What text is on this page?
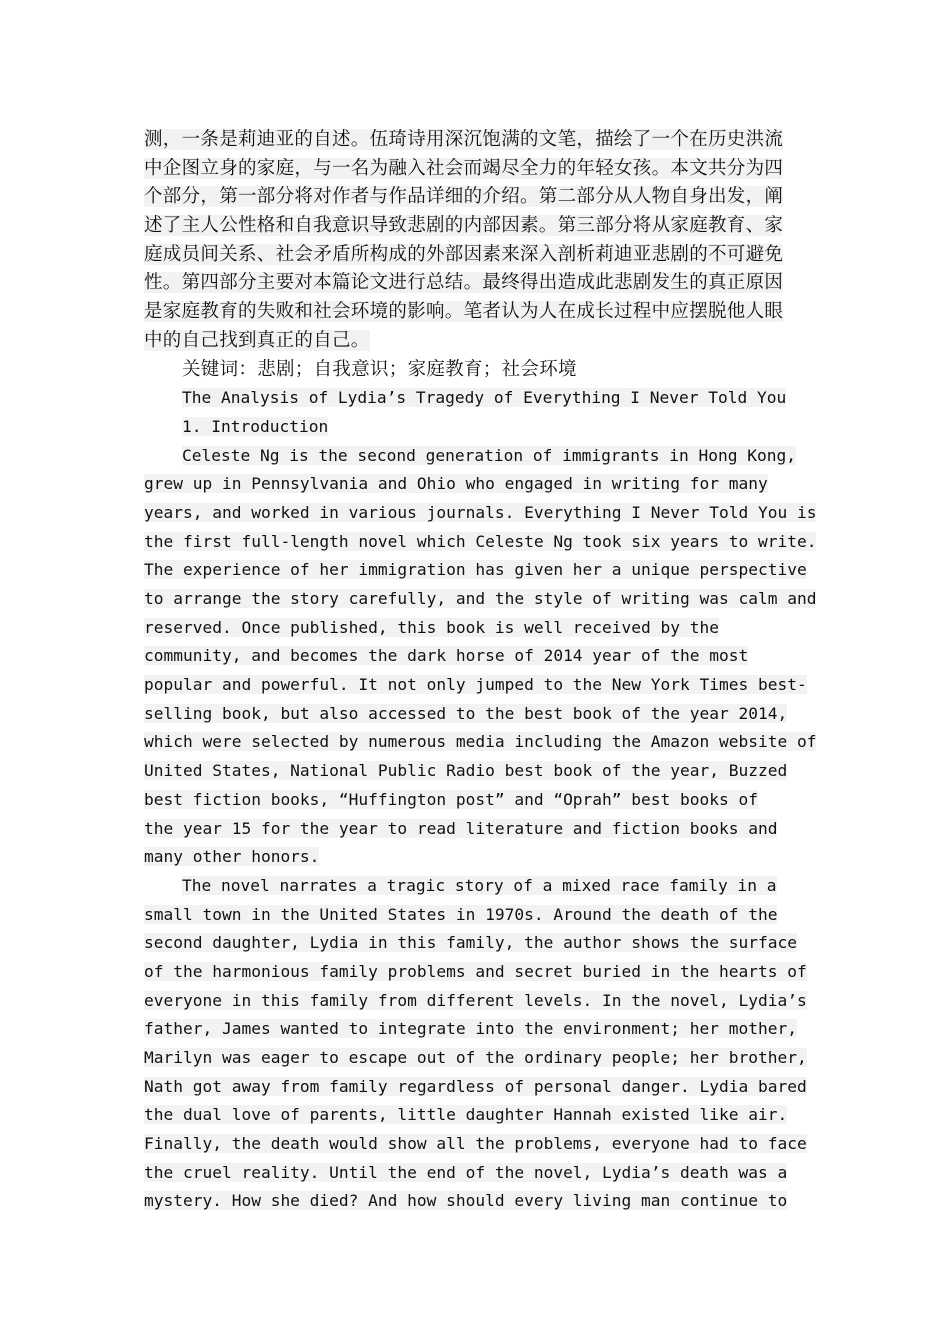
测，一条是莉迪亚的自述。伍琦诗用深沉饱满的文笔，描绘了一个在历史洪流
中企图立身的家庭，与一名为融入社会而竭尽全力的年轻女孩。本文共分为四
个部分，第一部分将对作者与作品详细的介绍。第二部分从人物自身出发，阐
述了主人公性格和自我意识导致悲剧的内部因素。第三部分将从家庭教育、家
庭成员间关系、社会矛盾所构成的外部因素来深入剖析莉迪亚悲剧的不可避免
性。第四部分主要对本篇论文进行总结。最终得出造成此悲剧发生的真正原因
是家庭教育的失败和社会环境的影响。笔者认为人在成长过程中应摆脱他人眼
中的自己找到真正的自己。
关键词：悲剧；自我意识；家庭教育；社会环境
The Analysis of Lydia’s Tragedy of Everything I Never Told You
1. Introduction
Celeste Ng is the second generation of immigrants in Hong Kong,
grew up in Pennsylvania and Ohio who engaged in writing for many
years, and worked in various journals. Everything I Never Told You is
the first full-length novel which Celeste Ng took six years to write.
The experience of her immigration has given her a unique perspective
to arrange the story carefully, and the style of writing was calm and
reserved. Once published, this book is well received by the
community, and becomes the dark horse of 2014 year of the most
popular and powerful. It not only jumped to the New York Times best-
selling book, but also accessed to the best book of the year 2014,
which were selected by numerous media including the Amazon website of
United States, National Public Radio best book of the year, Buzzed
best fiction books, “Huffington post” and “Oprah” best books of
the year 15 for the year to read literature and fiction books and
many other honors.
The novel narrates a tragic story of a mixed race family in a
small town in the United States in 1970s. Around the death of the
second daughter, Lydia in this family, the author shows the surface
of the harmonious family problems and secret buried in the hearts of
everyone in this family from different levels. In the novel, Lydia’s
father, James wanted to integrate into the environment; her mother,
Marilyn was eager to escape out of the ordinary people; her brother,
Nath got away from family regardless of personal danger. Lydia bared
the dual love of parents, little daughter Hannah existed like air.
Finally, the death would show all the problems, everyone had to face
the cruel reality. Until the end of the novel, Lydia’s death was a
mystery. How she died? And how should every living man continue to
